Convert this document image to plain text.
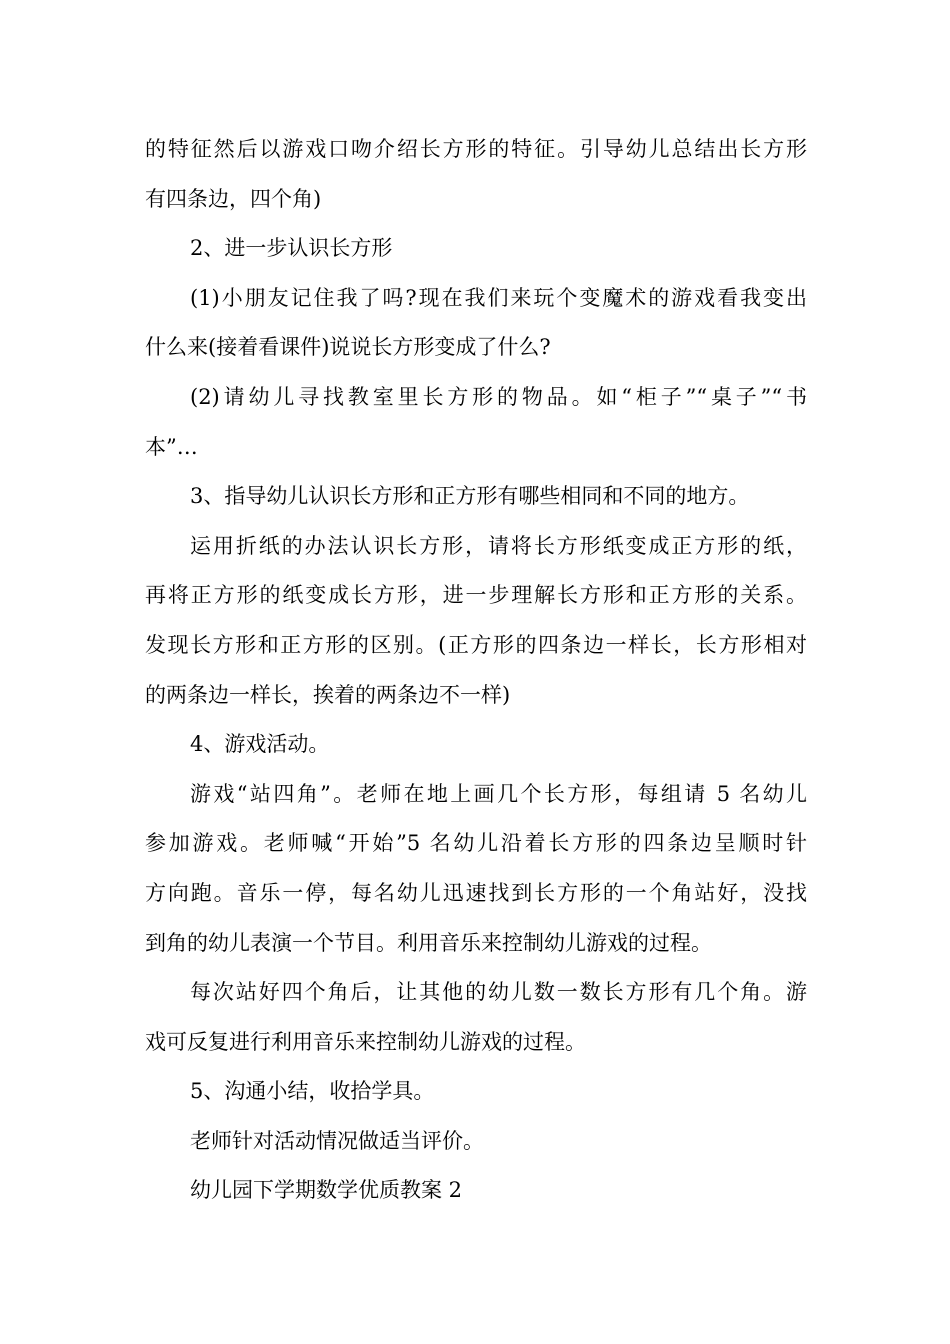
的特征然后以游戏口吻介绍长方形的特征。引导幼儿总结出长方形
有四条边，四个角)
2、进一步认识长方形
(1)小朋友记住我了吗?现在我们来玩个变魔术的游戏看我变出
什么来(接着看课件)说说长方形变成了什么?
(2)请幼儿寻找教室里长方形的物品。如“柜子”“桌子”“书
本”…
3、指导幼儿认识长方形和正方形有哪些相同和不同的地方。
运用折纸的办法认识长方形，请将长方形纸变成正方形的纸，
再将正方形的纸变成长方形，进一步理解长方形和正方形的关系。
发现长方形和正方形的区别。(正方形的四条边一样长，长方形相对
的两条边一样长，挨着的两条边不一样)
4、游戏活动。
游戏“站四角”。老师在地上画几个长方形，每组请 5 名幼儿
参加游戏。老师喊“开始”5 名幼儿沿着长方形的四条边呈顺时针
方向跑。音乐一停，每名幼儿迅速找到长方形的一个角站好，没找
到角的幼儿表演一个节目。利用音乐来控制幼儿游戏的过程。
每次站好四个角后，让其他的幼儿数一数长方形有几个角。游
戏可反复进行利用音乐来控制幼儿游戏的过程。
5、沟通小结，收拾学具。
老师针对活动情况做适当评价。
幼儿园下学期数学优质教案 2
